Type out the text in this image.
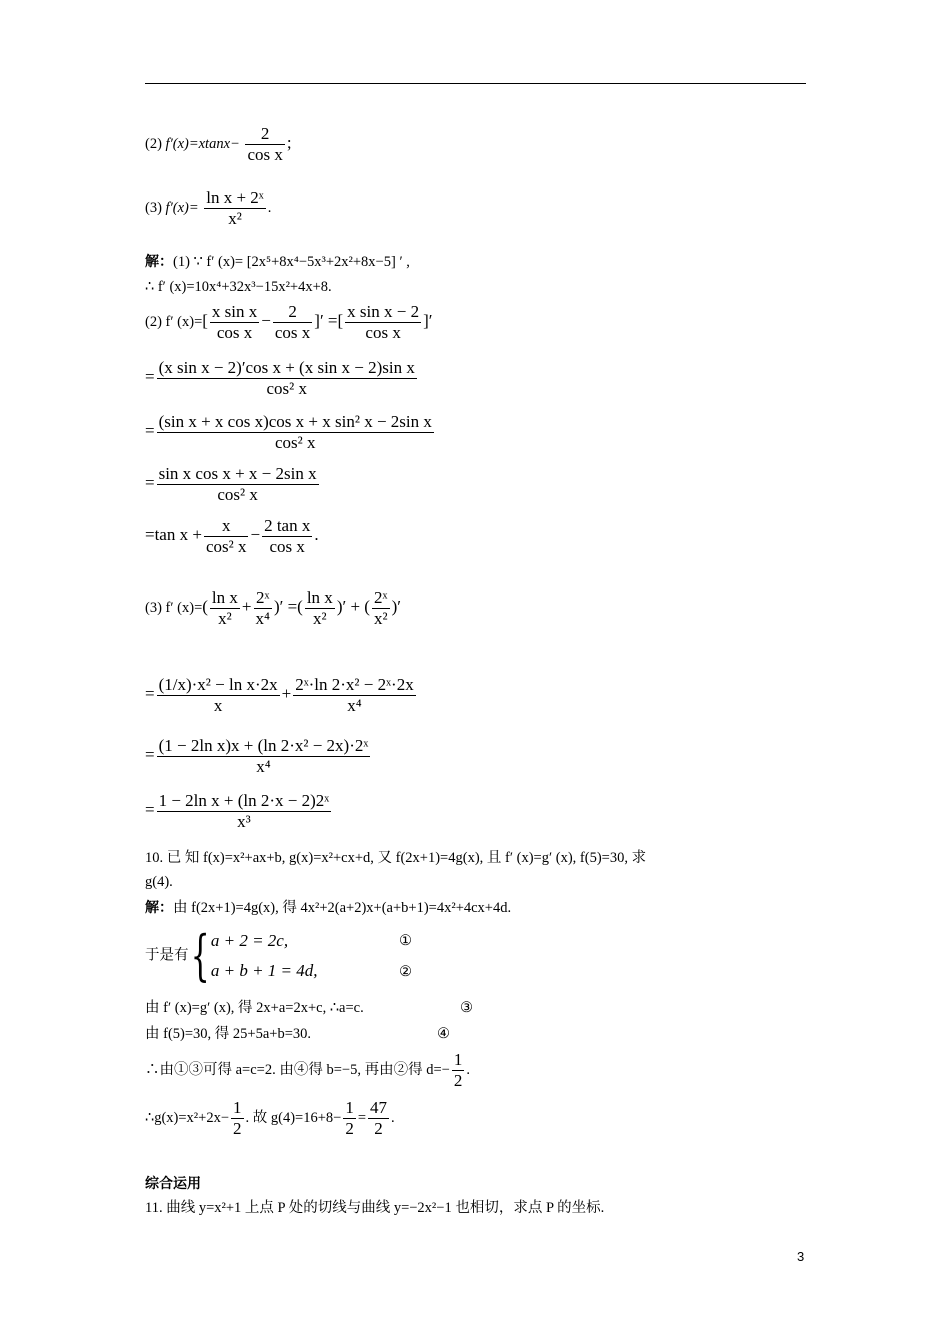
(2) $f'(x)=xtanx- \frac{2}{\text{cos x}}$ ;
(3) $f'(x)= \frac{\text{ln x + 2ˣ}}{\text{x²}}$ .
解：(1) ∵ f′ (x)= [2x⁵+8x⁴−5x³+2x²+8x−5] ′ ,
∴ f′ (x)=10x⁴+32x³−15x²+4x+8.
(2) f′ $(x)=[ \frac{\text{x sin x}}{\text{cos x}} - \frac{2}{\text{cos x}}$ ]′ =[ $\frac{\text{x sin x − 2}}{\text{cos x}}$ ]′
= $\frac{\text{(x sin x − 2)′cos x + (x sin x − 2)sin x}}{\text{cos² x}}$
= $\frac{\text{(sin x + x cos x)cos x + x sin² x − 2sin x}}{\text{cos² x}}$
= $\frac{\text{sin x cos x + x − 2sin x}}{\text{cos² x}}$
=tan $x + \frac{x}{\text{cos² x}} - \frac{\text{2 tan x}}{\text{cos x}}$ .
(3) f′ $(x)=( \frac{\text{ln x}}{\text{x²}} + \frac{\text{2ˣ}}{\text{x⁴}}$ )′ =( $\frac{\text{ln x}}{\text{x²}}$ )′ + ( $\frac{\text{2ˣ}}{\text{x²}}$ )′
= $\frac{\text{(1/x)·x² − ln x·2x}}{x} + \frac{\text{2ˣ·ln 2·x² − 2ˣ·2x}}{\text{x⁴}}$
= $\frac{\text{(1 − 2ln x)x + (ln 2·x² − 2x)·2ˣ}}{\text{x⁴}}$
= $\frac{\text{1 − 2ln x + (ln 2·x − 2)2ˣ}}{\text{x³}}$
10. 已 知 f(x)=x²+ax+b, g(x)=x²+cx+d, 又 f(2x+1)=4g(x), 且 f′ (x)=g′ (x), f(5)=30, 求
g(4).
解：由 f(2x+1)=4g(x), 得 4x²+2(a+2)x+(a+b+1)=4x²+4cx+4d.
于是有{ a + 2 = 2c,
a + b + 1 = 4d,
①
②
由 f′ (x)=g′ (x), 得 2x+a=2x+c, ∴a=c.	③
由 f(5)=30, 得 25+5a+b=30.	④
∴由①③可得 a=c=2. 由④得 b=−5, 再由②得 $d=- \frac{1}{2}$ .
∴g(x)=x²+2x− $\frac{1}{2}$ . 故 $g(4)=16+8- \frac{1}{2} = \frac{47}{2}$ .
综合运用
11. 曲线 y=x²+1 上点 P 处的切线与曲线 y=−2x²−1 也相切，求点 P 的坐标.
3
